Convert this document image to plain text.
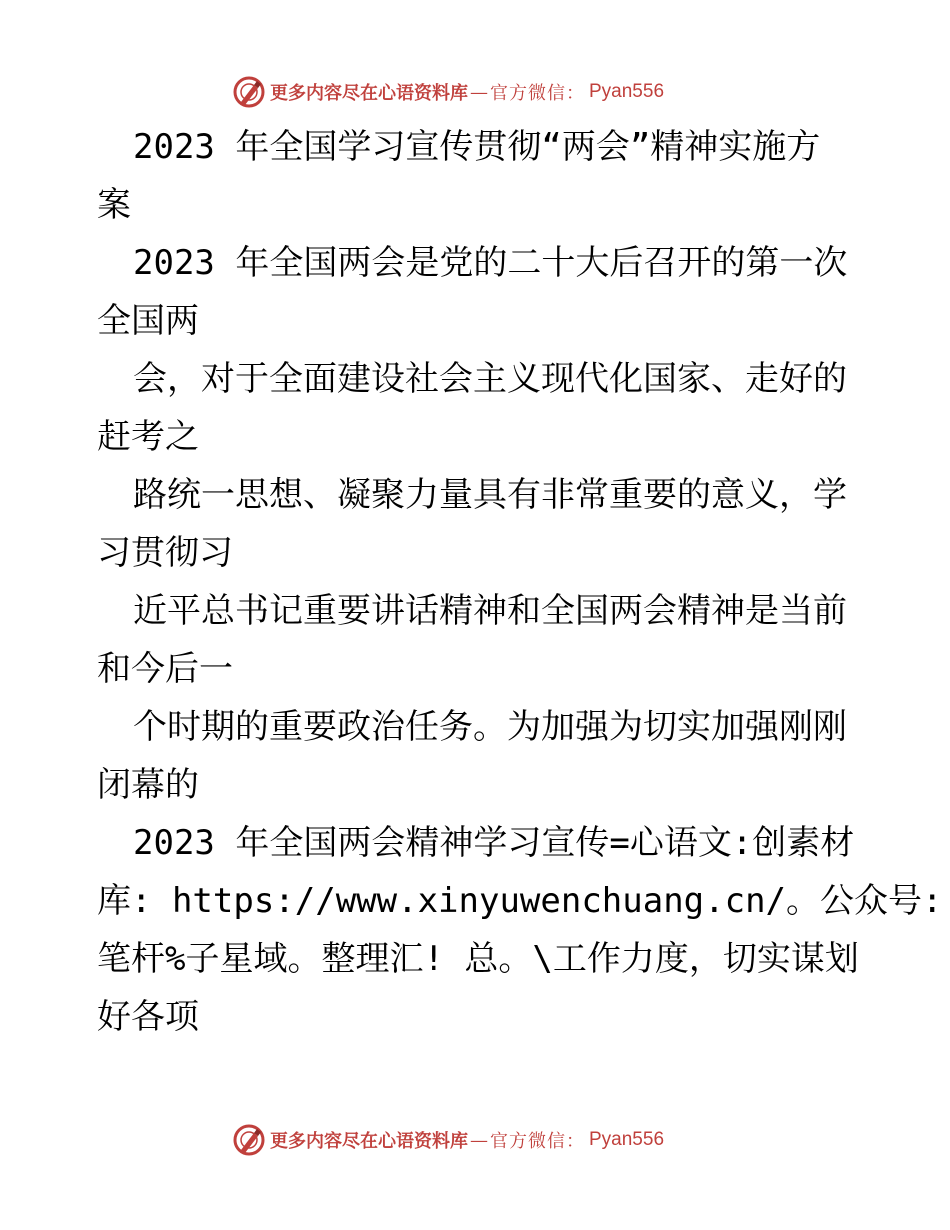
更多内容尽在心语资料库 — 官方微信： Pyan556
2023 年全国学习宣传贯彻“两会”精神实施方
案
2023 年全国两会是党的二十大后召开的第一次
全国两
会，对于全面建设社会主义现代化国家、走好的
赶考之
路统一思想、凝聚力量具有非常重要的意义，学
习贯彻习
近平总书记重要讲话精神和全国两会精神是当前
和今后一
个时期的重要政治任务。为加强为切实加强刚刚
闭幕的
2023 年全国两会精神学习宣传=心语文:创素材
库: https://www.xinyuwenchuang.cn/。公众号:
笔杆%子星域。整理汇! 总。\工作力度，切实谋划
好各项
更多内容尽在心语资料库 — 官方微信： Pyan556
